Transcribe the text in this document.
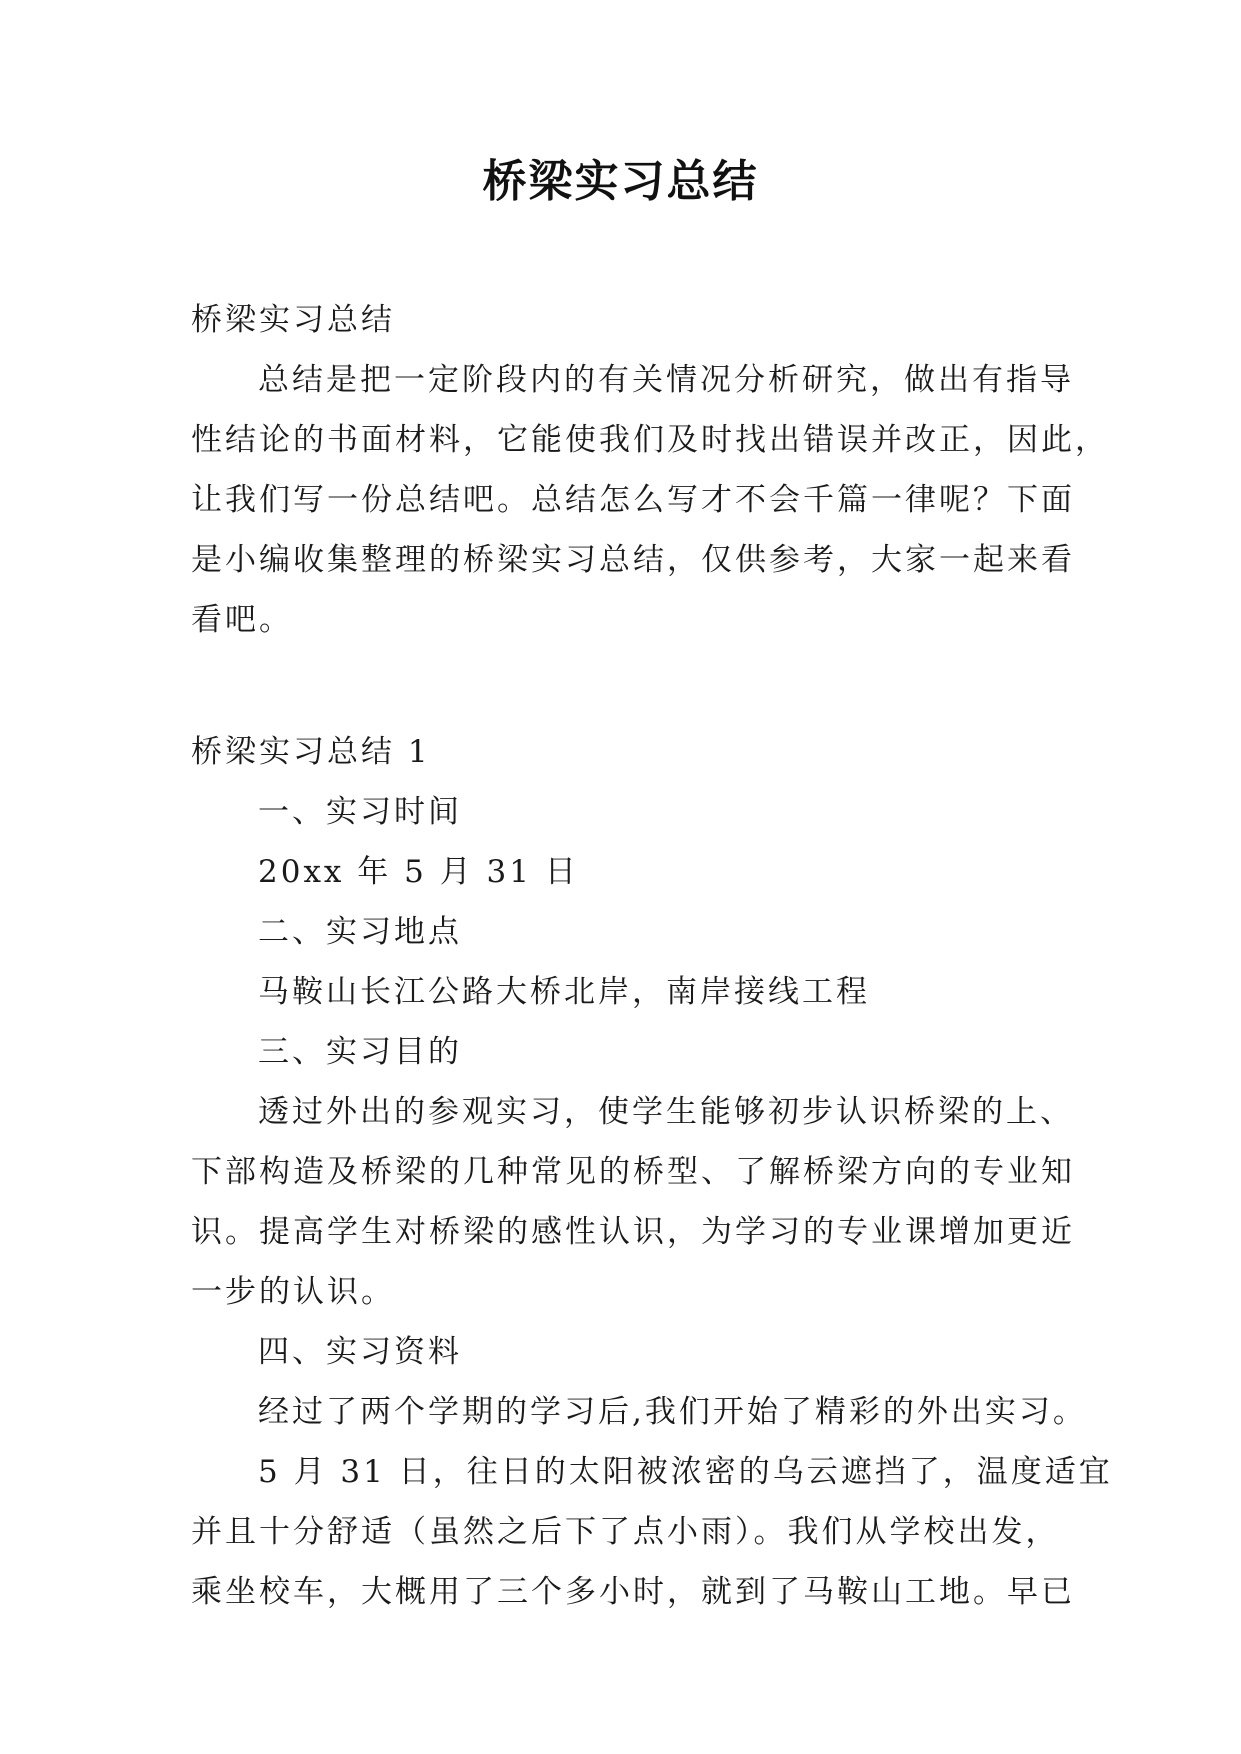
桥梁实习总结
桥梁实习总结
总结是把一定阶段内的有关情况分析研究，做出有指导
性结论的书面材料，它能使我们及时找出错误并改正，因此，
让我们写一份总结吧。总结怎么写才不会千篇一律呢？下面
是小编收集整理的桥梁实习总结，仅供参考，大家一起来看
看吧。
桥梁实习总结 1
一、实习时间
20xx 年 5 月 31 日
二、实习地点
马鞍山长江公路大桥北岸，南岸接线工程
三、实习目的
透过外出的参观实习，使学生能够初步认识桥梁的上、
下部构造及桥梁的几种常见的桥型、了解桥梁方向的专业知
识。提高学生对桥梁的感性认识，为学习的专业课增加更近
一步的认识。
四、实习资料
经过了两个学期的学习后,我们开始了精彩的外出实习。
5 月 31 日，往日的太阳被浓密的乌云遮挡了，温度适宜
并且十分舒适（虽然之后下了点小雨）。我们从学校出发，
乘坐校车，大概用了三个多小时，就到了马鞍山工地。早已
